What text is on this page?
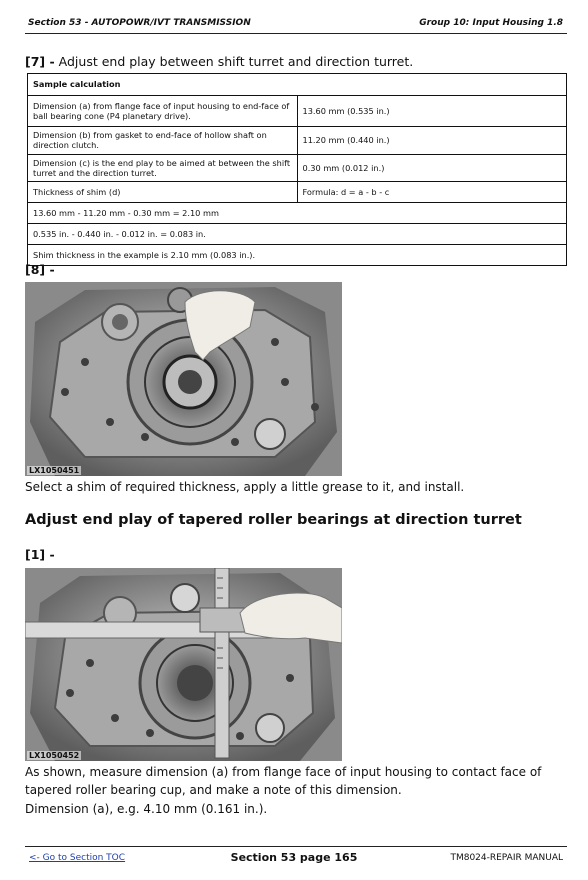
Section 53 - AUTOPOWR/IVT TRANSMISSION	Group 10: Input Housing 1.8
[7] - Adjust end play between shift turret and direction turret.
Sample calculation	
Dimension (a) from flange face of input housing to end-face of ball bearing cone (P4 planetary drive).	13.60 mm (0.535 in.)
Dimension (b) from gasket to end-face of hollow shaft on direction clutch.	11.20 mm (0.440 in.)
Dimension (c) is the end play to be aimed at between the shift turret and the direction turret.	0.30 mm (0.012 in.)
Thickness of shim (d)	Formula: d = a - b - c
13.60 mm - 11.20 mm - 0.30 mm = 2.10 mm	
0.535 in. - 0.440 in. - 0.012 in. = 0.083 in.	
Shim thickness in the example is 2.10 mm (0.083 in.).	
[8] -
LX1050451
Select a shim of required thickness, apply a little grease to it, and install.
Adjust end play of tapered roller bearings at direction turret
[1] -
LX1050452
As shown, measure dimension (a) from flange face of input housing to contact face of tapered roller bearing cup, and make a note of this dimension.
Dimension (a), e.g. 4.10 mm (0.161 in.).
<- Go to Section TOC	Section 53 page 165	TM8024-REPAIR MANUAL
